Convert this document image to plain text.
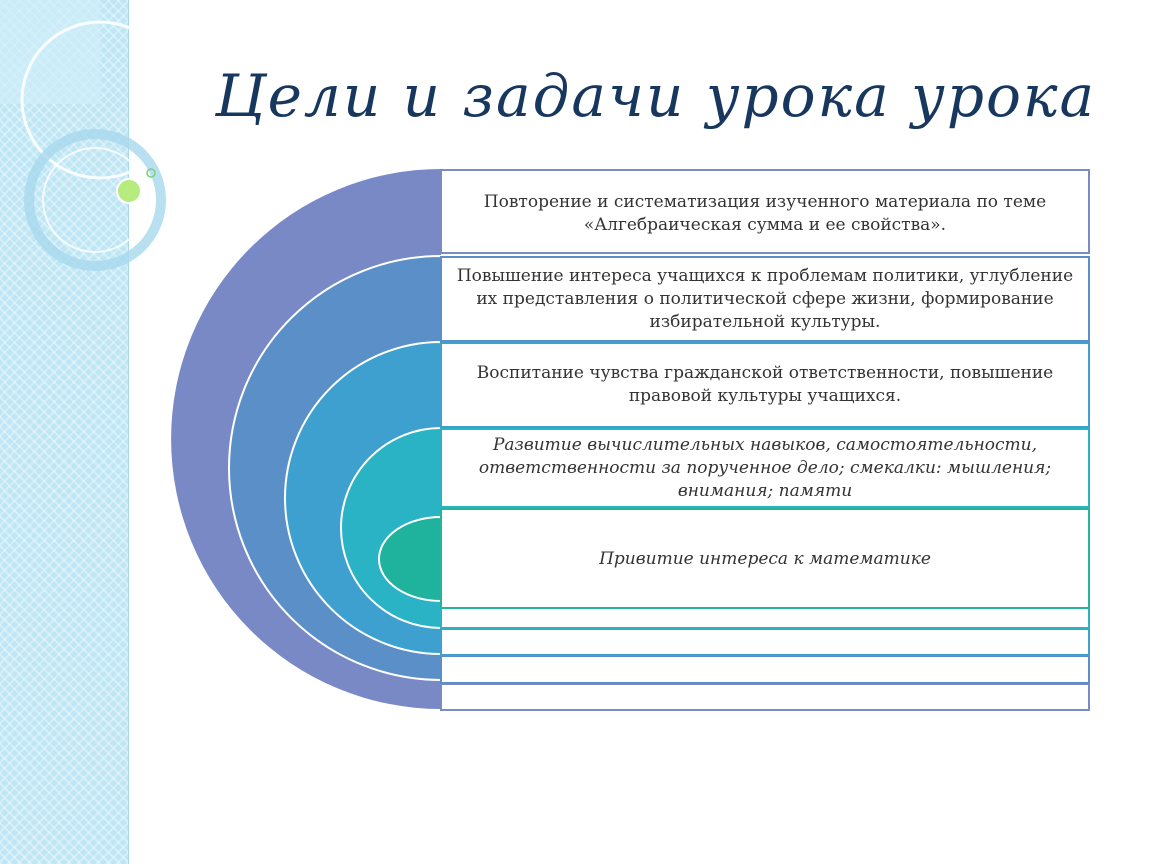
Цели и задачи урока урока
Повторение и систематизация изученного материала по теме «Алгебраическая сумма и ее свойства».
Повышение интереса учащихся к проблемам политики, углубление их представления о политической сфере жизни, формирование избирательной культуры.
Воспитание чувства гражданской ответственности, повышение правовой культуры учащихся.
Развитие вычислительных навыков, самостоятельности, ответственности за порученное дело; смекалки: мышления; внимания; памяти
Привитие интереса к математике
